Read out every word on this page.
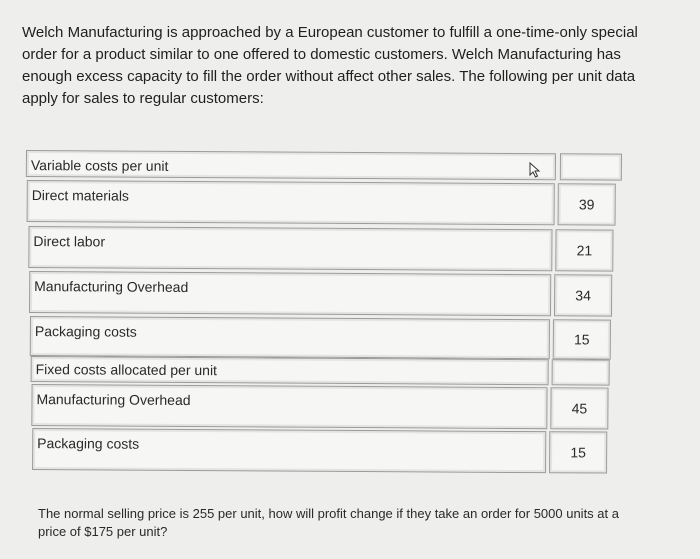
Welch Manufacturing is approached by a European customer to fulfill a one-time-only special order for a product similar to one offered to domestic customers. Welch Manufacturing has enough excess capacity to fill the order without affect other sales. The following per unit data apply for sales to regular customers:
Variable costs per unit
Direct materials
39
Direct labor
21
Manufacturing Overhead
34
Packaging costs	15
Fixed costs allocated per unit
Manufacturing Overhead
45
Packaging costs
15
The normal selling price is 255 per unit, how will profit change if they take an order for 5000 units at a price of $175 per unit?
